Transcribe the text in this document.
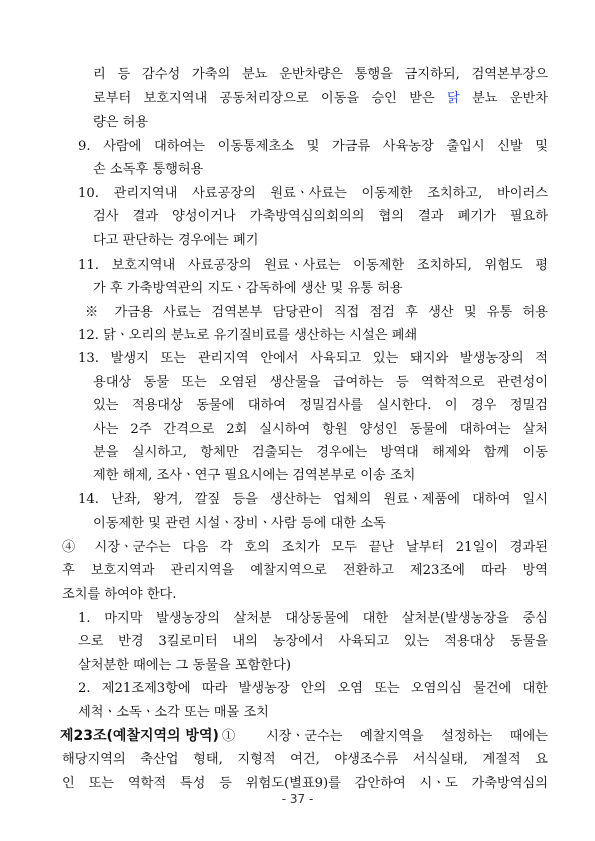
제23조(예찰지역의 방역)
리 등 감수성 가축의 분뇨 운반차량은 통행을 금지하되, 검역본부장으
로부터 보호지역내 공동처리장으로 이동을 승인 받은 닭 분뇨 운반차
량은 허용
9. 사람에 대하여는 이동통제초소 및 가금류 사육농장 출입시 신발 및
손 소독후 통행허용
10. 관리지역내 사료공장의 원료ㆍ사료는 이동제한 조치하고, 바이러스
검사 결과 양성이거나 가축방역심의회의의 협의 결과 폐기가 필요하
다고 판단하는 경우에는 폐기
11. 보호지역내 사료공장의 원료ㆍ사료는 이동제한 조치하되, 위험도 평
가 후 가축방역관의 지도ㆍ감독하에 생산 및 유통 허용
※ 가금용 사료는 검역본부 담당관이 직접 점검 후 생산 및 유통 허용
12. 닭ㆍ오리의 분뇨로 유기질비료를 생산하는 시설은 폐쇄
13. 발생지 또는 관리지역 안에서 사육되고 있는 돼지와 발생농장의 적
용대상 동물 또는 오염된 생산물을 급여하는 등 역학적으로 관련성이
있는 적용대상 동물에 대하여 정밀검사를 실시한다. 이 경우 정밀검
사는 2주 간격으로 2회 실시하여 항원 양성인 동물에 대하여는 살처
분을 실시하고, 항체만 검출되는 경우에는 방역대 해제와 함께 이동
제한 해제, 조사ㆍ연구 필요시에는 검역본부로 이송 조치
14. 난좌, 왕겨, 깔짚 등을 생산하는 업체의 원료ㆍ제품에 대하여 일시
이동제한 및 관련 시설ㆍ장비ㆍ사람 등에 대한 소독
④ 시장ㆍ군수는 다음 각 호의 조치가 모두 끝난 날부터 21일이 경과된
후 보호지역과 관리지역을 예찰지역으로 전환하고 제23조에 따라 방역
조치를 하여야 한다.
1. 마지막 발생농장의 살처분 대상동물에 대한 살처분(발생농장을 중심
으로 반경 3킬로미터 내의 농장에서 사육되고 있는 적용대상 동물을
살처분한 때에는 그 동물을 포함한다)
2. 제21조제3항에 따라 발생농장 안의 오염 또는 오염의심 물건에 대한
세척ㆍ소독ㆍ소각 또는 매몰 조치
① 시장ㆍ군수는 예찰지역을 설정하는 때에는
해당지역의 축산업 형태, 지형적 여건, 야생조수류 서식실태, 계절적 요
인 또는 역학적 특성 등 위험도(별표9)를 감안하여 시ㆍ도 가축방역심의
- 37 -
